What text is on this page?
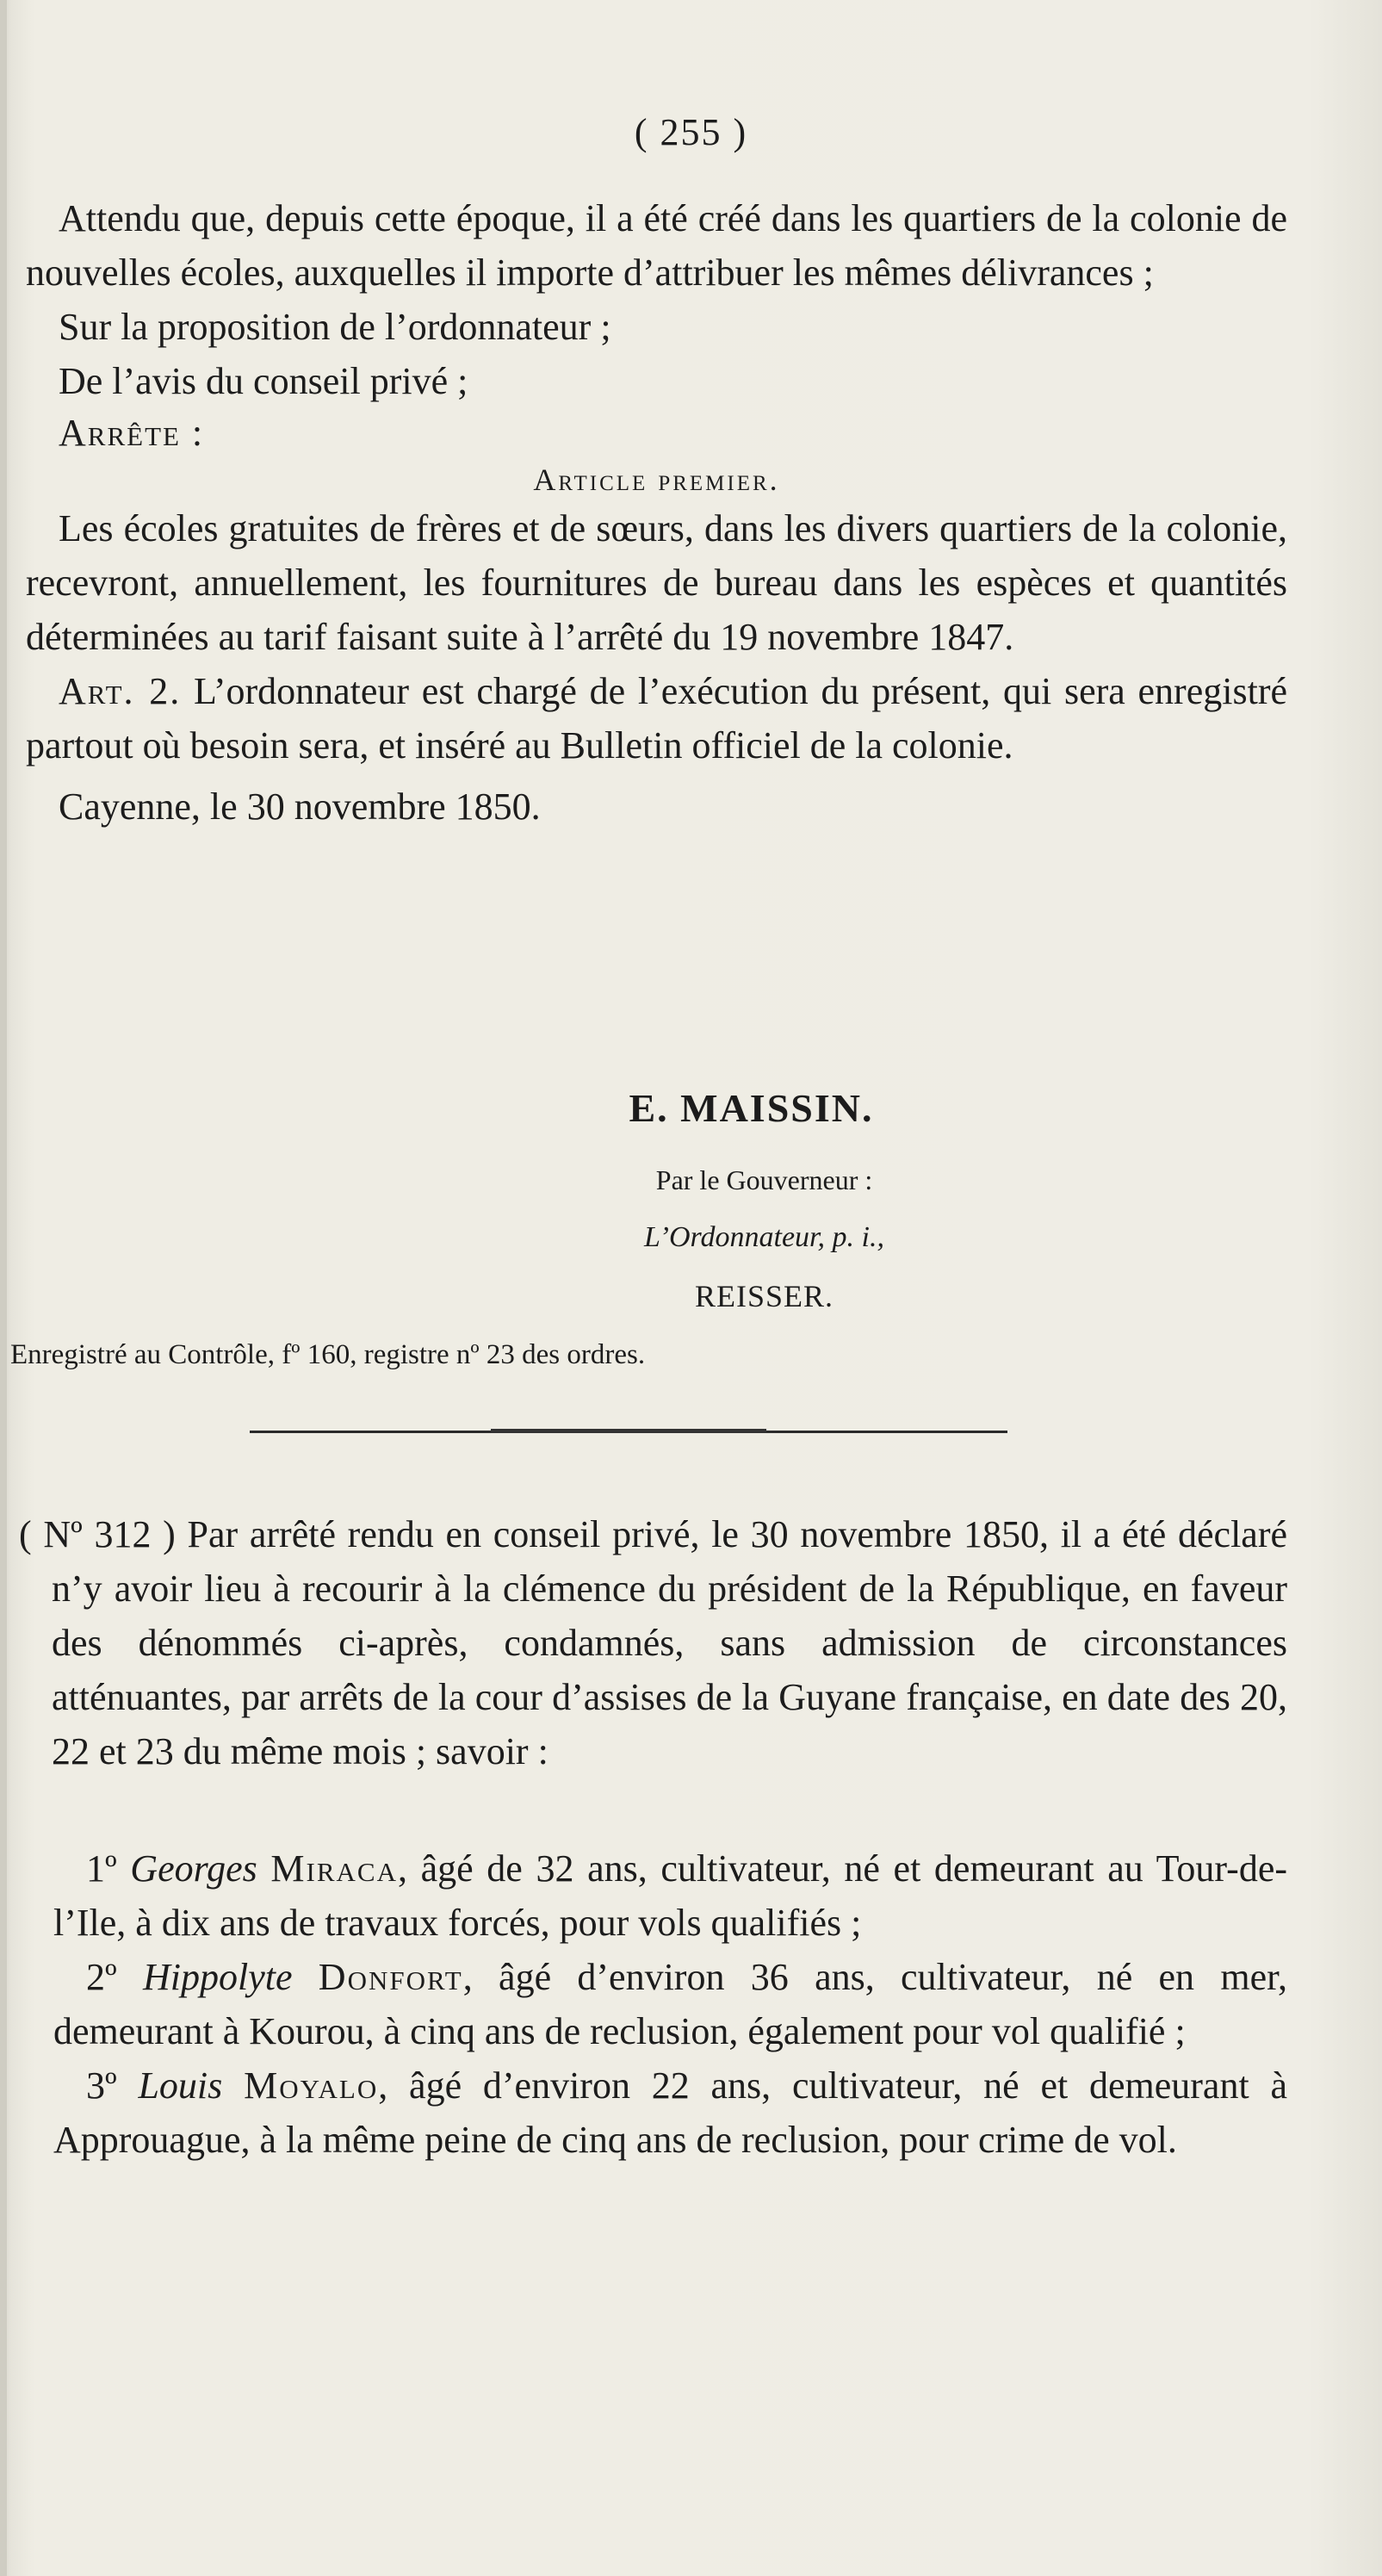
( 255 )

Attendu que, depuis cette époque, il a été créé dans les quartiers de la colonie de nouvelles écoles, auxquelles il importe d’attribuer les mêmes délivrances ;

Sur la proposition de l’ordonnateur ;

De l’avis du conseil privé ;

Arrête :

Article premier.

Les écoles gratuites de frères et de sœurs, dans les divers quartiers de la colonie, recevront, annuellement, les fournitures de bureau dans les espèces et quantités déterminées au tarif faisant suite à l’arrêté du 19 novembre 1847.

Art. 2. L’ordonnateur est chargé de l’exécution du présent, qui sera enregistré partout où besoin sera, et inséré au Bulletin officiel de la colonie.

Cayenne, le 30 novembre 1850.

E. MAISSIN.
Par le Gouverneur :
L’Ordonnateur, p. i.,
REISSER.
Enregistré au Contrôle, fº 160, registre nº 23 des ordres.

( Nº 312 ) Par arrêté rendu en conseil privé, le 30 novembre 1850, il a été déclaré n’y avoir lieu à recourir à la clémence du président de la République, en faveur des dénommés ci-après, condamnés, sans admission de circonstances atténuantes, par arrêts de la cour d’assises de la Guyane française, en date des 20, 22 et 23 du même mois ; savoir :

1º Georges Miraca, âgé de 32 ans, cultivateur, né et demeurant au Tour-de-l’Ile, à dix ans de travaux forcés, pour vols qualifiés ;

2º Hippolyte Donfort, âgé d’environ 36 ans, cultivateur, né en mer, demeurant à Kourou, à cinq ans de reclusion, également pour vol qualifié ;

3º Louis Moyalo, âgé d’environ 22 ans, cultivateur, né et demeurant à Approuague, à la même peine de cinq ans de reclusion, pour crime de vol.
